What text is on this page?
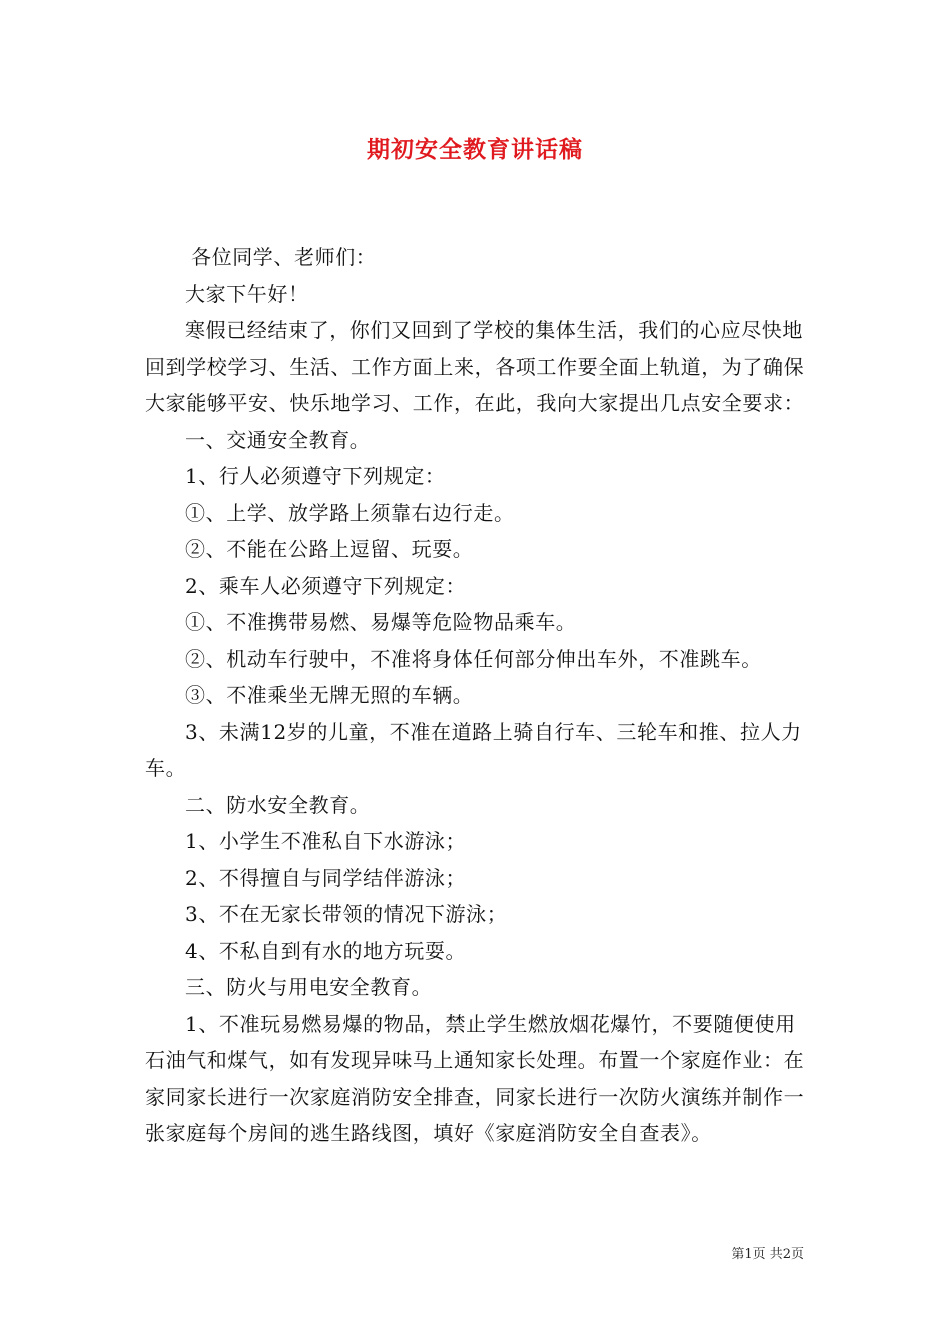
期初安全教育讲话稿

各位同学、老师们：

大家下午好！

寒假已经结束了，你们又回到了学校的集体生活，我们的心应尽快地回到学校学习、生活、工作方面上来，各项工作要全面上轨道，为了确保大家能够平安、快乐地学习、工作，在此，我向大家提出几点安全要求：

一、交通安全教育。

1、行人必须遵守下列规定：

①、上学、放学路上须靠右边行走。

②、不能在公路上逗留、玩耍。

2、乘车人必须遵守下列规定：

①、不准携带易燃、易爆等危险物品乘车。

②、机动车行驶中，不准将身体任何部分伸出车外，不准跳车。

③、不准乘坐无牌无照的车辆。

3、未满12岁的儿童，不准在道路上骑自行车、三轮车和推、拉人力车。

二、防水安全教育。

1、小学生不准私自下水游泳；

2、不得擅自与同学结伴游泳；

3、不在无家长带领的情况下游泳；

4、不私自到有水的地方玩耍。

三、防火与用电安全教育。

1、不准玩易燃易爆的物品，禁止学生燃放烟花爆竹，不要随便使用石油气和煤气，如有发现异味马上通知家长处理。布置一个家庭作业：在家同家长进行一次家庭消防安全排查，同家长进行一次防火演练并制作一张家庭每个房间的逃生路线图，填好《家庭消防安全自查表》。

第1页 共2页
